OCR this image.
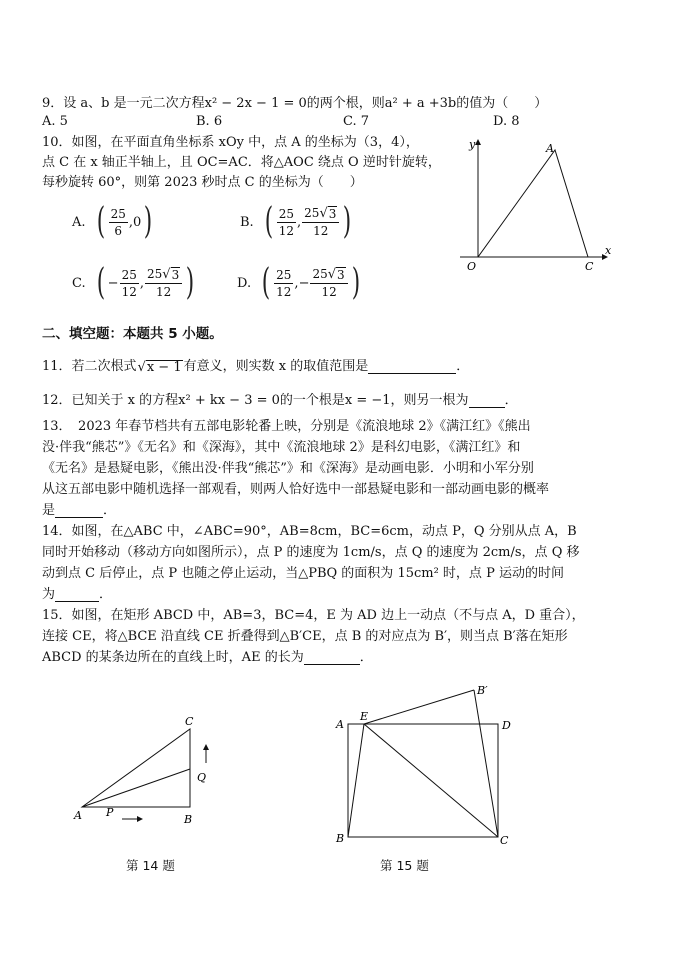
9．设 a、b 是一元二次方程x² − 2x − 1 = 0的两个根，则a² + a +3b的值为（　　）
A. 5	B. 6	C. 7	D. 8
10．如图，在平面直角坐标系 xOy 中，点 A 的坐标为（3，4），
点 C 在 x 轴正半轴上，且 OC=AC．将△AOC 绕点 O 逆时针旋转，
每秒旋转 60°，则第 2023 秒时点 C 的坐标为（　　）
A. ( $\frac{25}{6}$ , 0 )	B. ( $\frac{25}{12}$ , $\frac{25 √ 3}{12}$ )
C. ( − $\frac{25}{12}$ , $\frac{25 √ 3}{12}$ )	D. ( $\frac{25}{12}$ , − $\frac{25 √ 3}{12}$ )
y
x
O
A
C
二、填空题：本题共 5 小题。
11．若二次根式 √ x − 1 有意义，则实数 x 的取值范围是	．
12．已知关于 x 的方程x² + kx − 3 = 0的一个根是x = −1，则另一根为	．
13．　2023 年春节档共有五部电影轮番上映，分别是《流浪地球 2》《满江红》《熊出
没·伴我“熊芯”》《无名》和《深海》，其中《流浪地球 2》是科幻电影，《满江红》和
《无名》是悬疑电影，《熊出没·伴我“熊芯”》和《深海》是动画电影．小明和小军分别
从这五部电影中随机选择一部观看，则两人恰好选中一部悬疑电影和一部动画电影的概率
是	．
14．如图，在△ABC 中，∠ABC=90°，AB=8cm，BC=6cm，动点 P，Q 分别从点 A，B
同时开始移动（移动方向如图所示），点 P 的速度为 1cm/s，点 Q 的速度为 2cm/s，点 Q 移
动到点 C 后停止，点 P 也随之停止运动，当△PBQ 的面积为 15cm² 时，点 P 运动的时间
为	．
15．如图，在矩形 ABCD 中，AB=3，BC=4，E 为 AD 边上一动点（不与点 A，D 重合），
连接 CE，将△BCE 沿直线 CE 折叠得到△B′CE，点 B 的对应点为 B′，则当点 B′落在矩形
ABCD 的某条边所在的直线上时，AE 的长为	．
A	B
C
P
Q
第 14 题
A
B	C
D
E
B′
第 15 题
